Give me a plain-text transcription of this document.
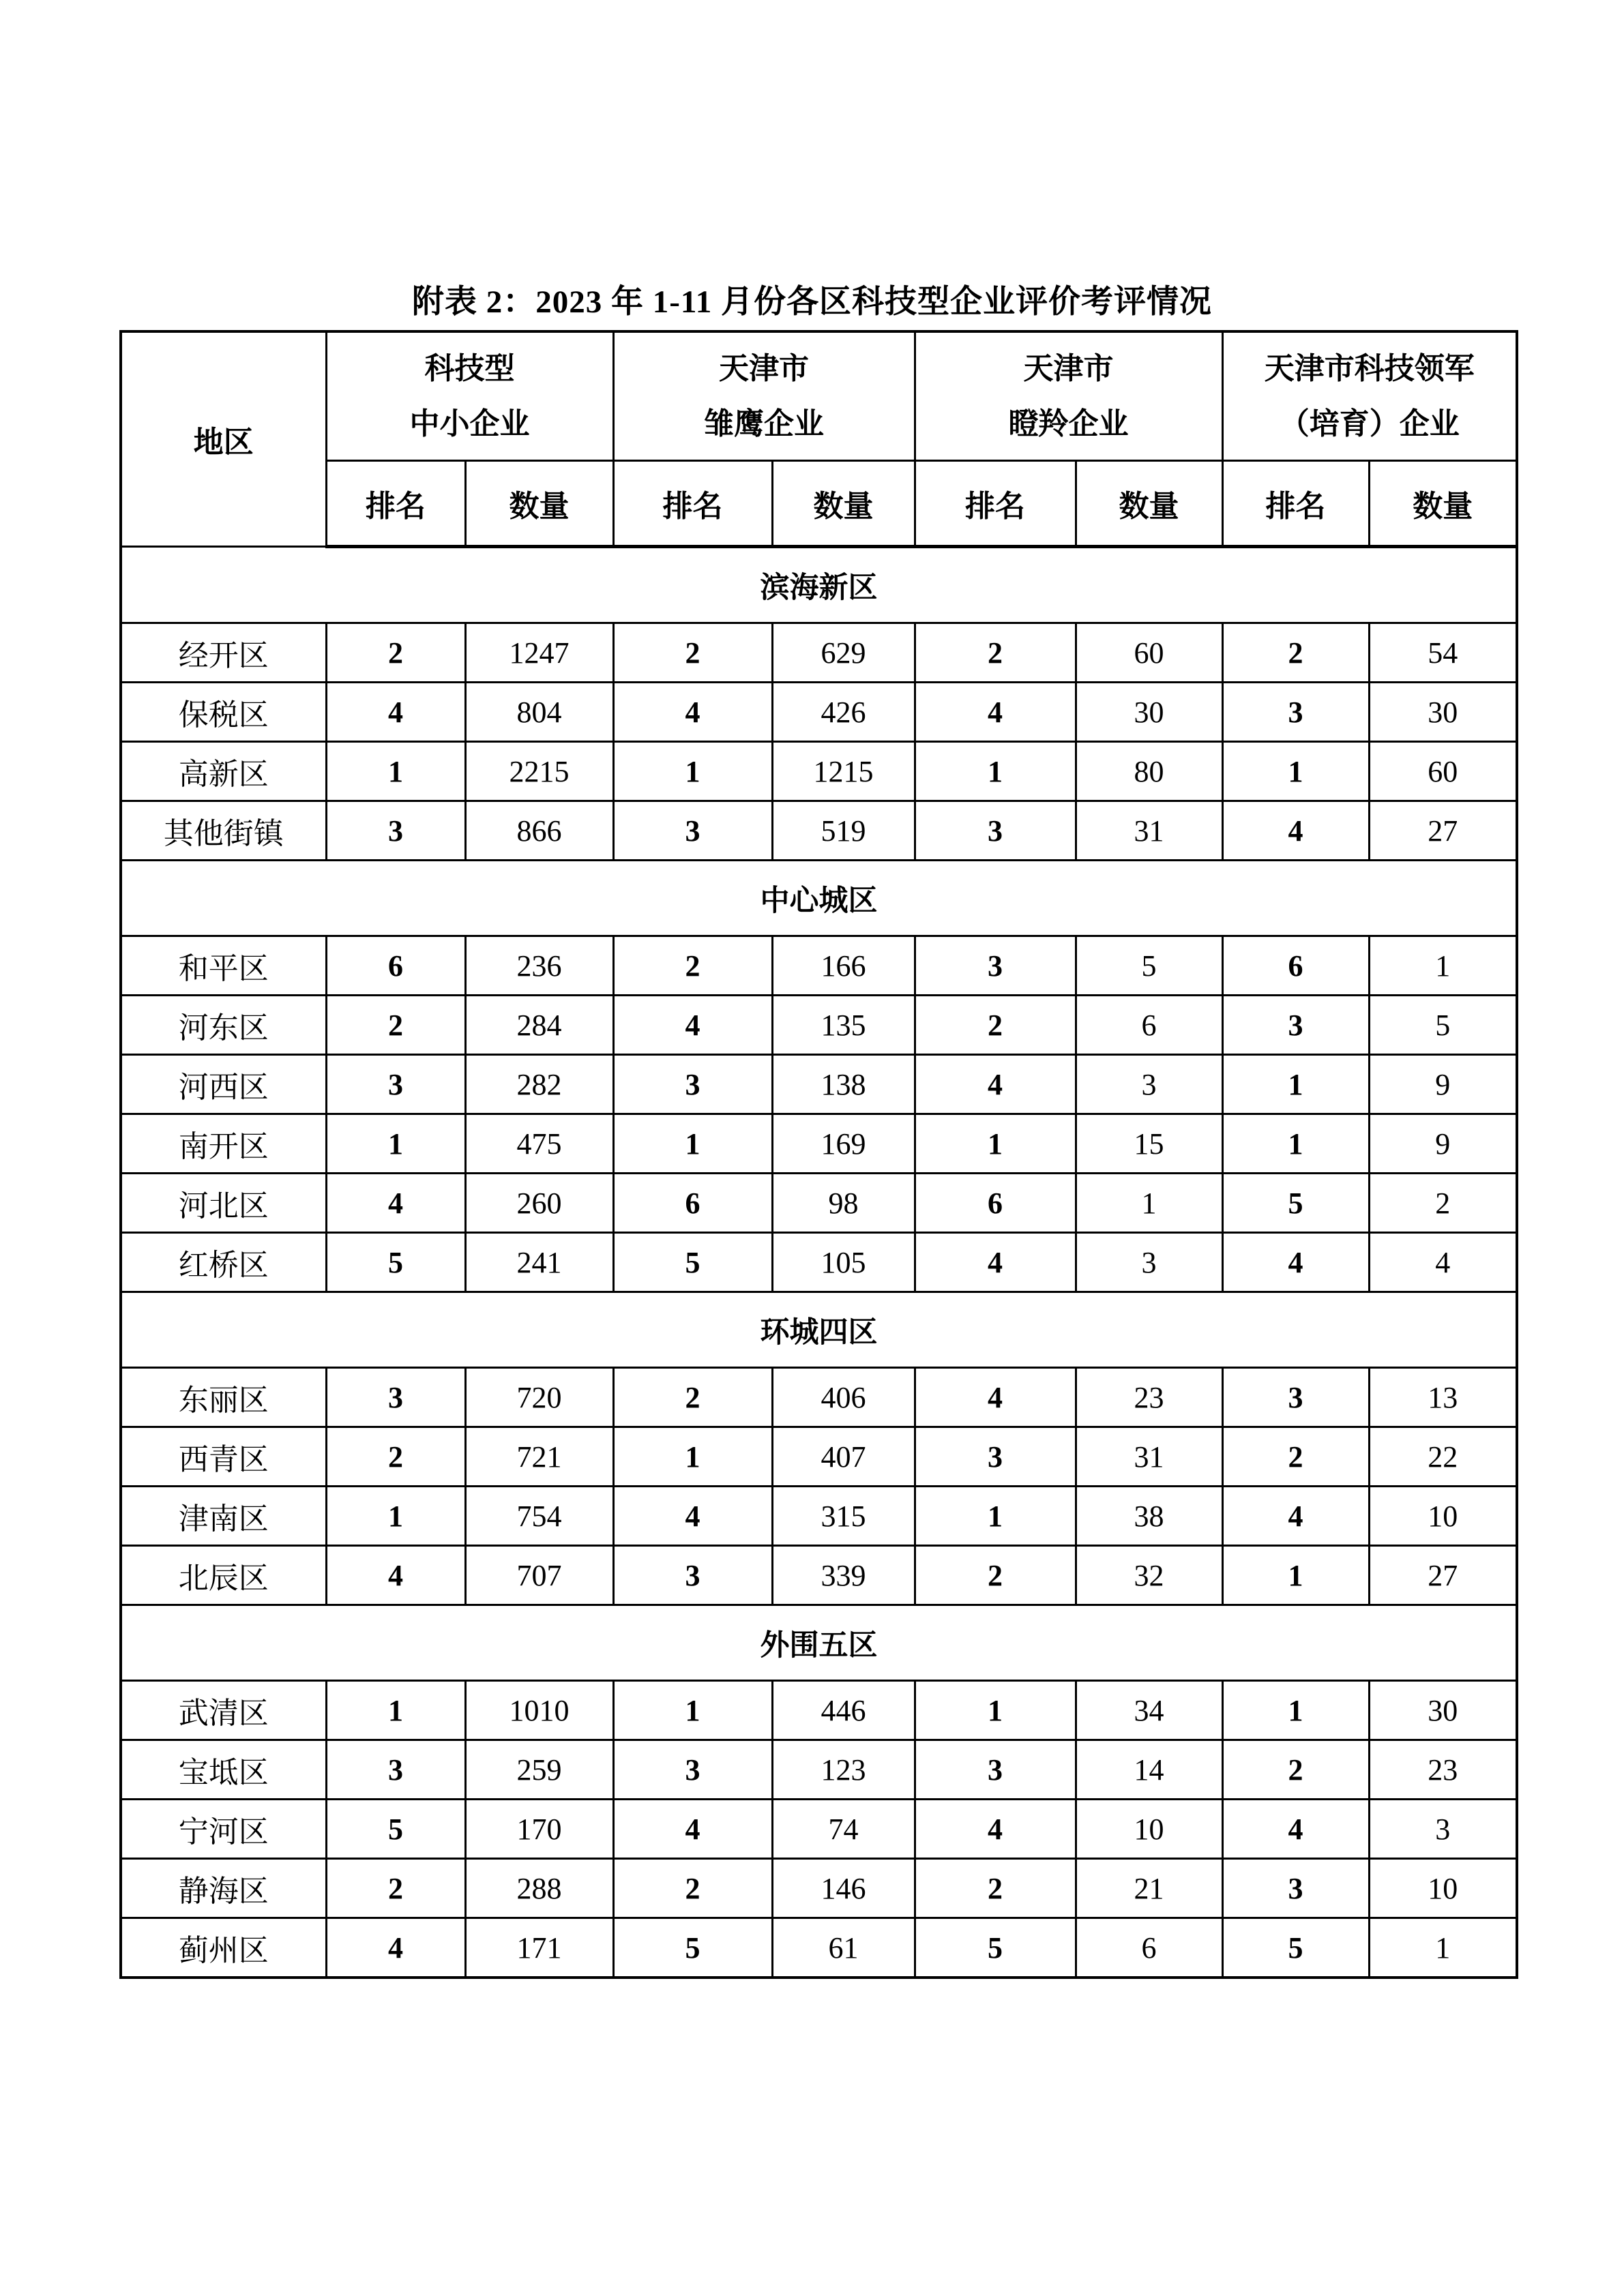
附表 2：2023 年 1-11 月份各区科技型企业评价考评情况
地区	
科技型
中小企业

天津市
雏鹰企业

天津市
瞪羚企业

天津市科技领军
（培育）企业

	排名	数量	排名	数量	排名	数量	排名	数量
滨海新区								
经开区	2	1247	2	629	2	60	2	54
保税区	4	804	4	426	4	30	3	30
高新区	1	2215	1	1215	1	80	1	60
其他街镇	3	866	3	519	3	31	4	27
中心城区								
和平区	6	236	2	166	3	5	6	1
河东区	2	284	4	135	2	6	3	5
河西区	3	282	3	138	4	3	1	9
南开区	1	475	1	169	1	15	1	9
河北区	4	260	6	98	6	1	5	2
红桥区	5	241	5	105	4	3	4	4
环城四区								
东丽区	3	720	2	406	4	23	3	13
西青区	2	721	1	407	3	31	2	22
津南区	1	754	4	315	1	38	4	10
北辰区	4	707	3	339	2	32	1	27
外围五区								
武清区	1	1010	1	446	1	34	1	30
宝坻区	3	259	3	123	3	14	2	23
宁河区	5	170	4	74	4	10	4	3
静海区	2	288	2	146	2	21	3	10
蓟州区	4	171	5	61	5	6	5	1
